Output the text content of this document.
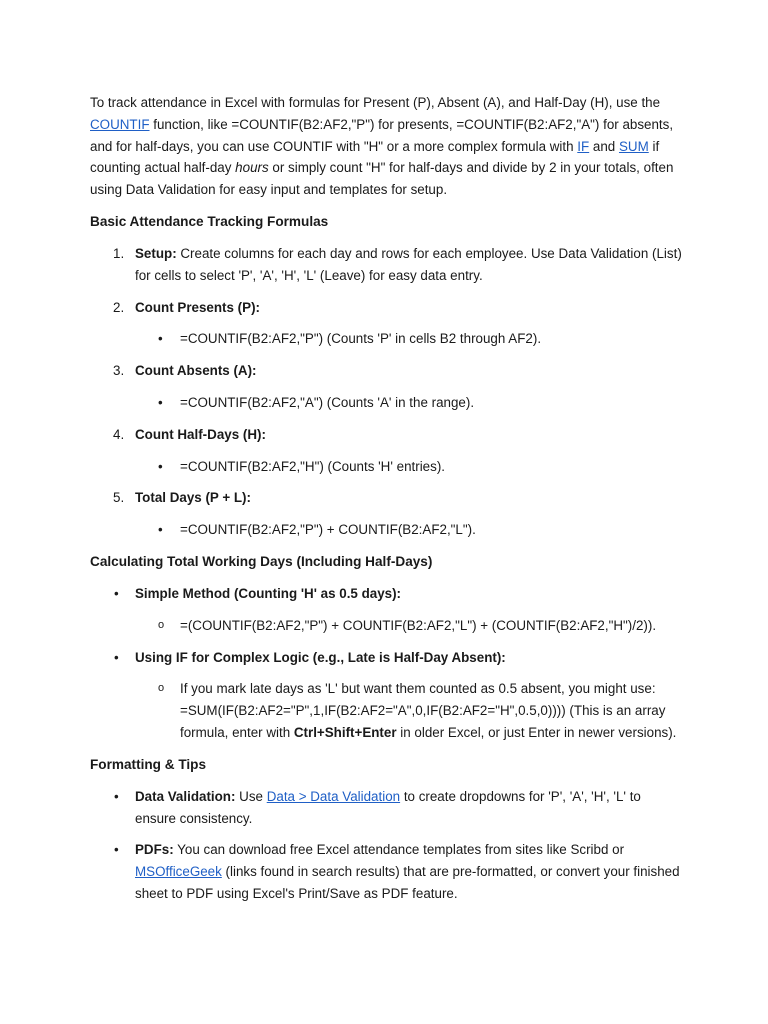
To track attendance in Excel with formulas for Present (P), Absent (A), and Half-Day (H), use the COUNTIF function, like =COUNTIF(B2:AF2,"P") for presents, =COUNTIF(B2:AF2,"A") for absents, and for half-days, you can use COUNTIF with "H" or a more complex formula with IF and SUM if counting actual half-day hours or simply count "H" for half-days and divide by 2 in your totals, often using Data Validation for easy input and templates for setup.

Basic Attendance Tracking Formulas
1. Setup: Create columns for each day and rows for each employee. Use Data Validation (List) for cells to select 'P', 'A', 'H', 'L' (Leave) for easy data entry.
2. Count Presents (P):
• =COUNTIF(B2:AF2,"P") (Counts 'P' in cells B2 through AF2).
3. Count Absents (A):
• =COUNTIF(B2:AF2,"A") (Counts 'A' in the range).
4. Count Half-Days (H):
• =COUNTIF(B2:AF2,"H") (Counts 'H' entries).
5. Total Days (P + L):
• =COUNTIF(B2:AF2,"P") + COUNTIF(B2:AF2,"L").
Calculating Total Working Days (Including Half-Days)
• Simple Method (Counting 'H' as 0.5 days):
o =(COUNTIF(B2:AF2,"P") + COUNTIF(B2:AF2,"L") + (COUNTIF(B2:AF2,"H")/2)).
• Using IF for Complex Logic (e.g., Late is Half-Day Absent):
o If you mark late days as 'L' but want them counted as 0.5 absent, you might use: =SUM(IF(B2:AF2="P",1,IF(B2:AF2="A",0,IF(B2:AF2="H",0.5,0)))) (This is an array formula, enter with Ctrl+Shift+Enter in older Excel, or just Enter in newer versions).
Formatting & Tips
• Data Validation: Use Data > Data Validation to create dropdowns for 'P', 'A', 'H', 'L' to ensure consistency.
• PDFs: You can download free Excel attendance templates from sites like Scribd or MSOfficeGeek (links found in search results) that are pre-formatted, or convert your finished sheet to PDF using Excel's Print/Save as PDF feature.
